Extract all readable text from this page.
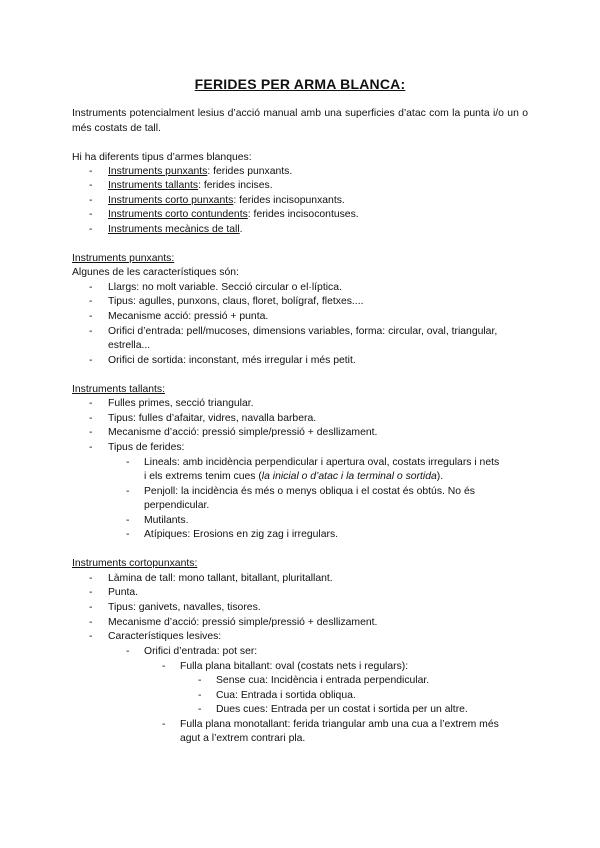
FERIDES PER ARMA BLANCA:
Instruments potencialment lesius d’acció manual amb una superficies d’atac com la punta i/o un o més costats de tall.
Hi ha diferents tipus d’armes blanques:
- Instruments punxants: ferides punxants.
- Instruments tallants: ferides incises.
- Instruments corto punxants: ferides incisopunxants.
- Instruments corto contundents: ferides incisocontuses.
- Instruments mecànics de tall.
Instruments punxants:
Algunes de les característiques són:
- Llargs: no molt variable. Secció circular o el·líptica.
- Tipus: agulles, punxons, claus, floret, bolígraf, fletxes....
- Mecanisme acció: pressió + punta.
- Orifici d’entrada: pell/mucoses, dimensions variables, forma: circular, oval, triangular,
estrella...
- Orifici de sortida: inconstant, més irregular i més petit.
Instruments tallants:
- Fulles primes, secció triangular.
- Tipus: fulles d’afaitar, vidres, navalla barbera.
- Mecanisme d’acció: pressió simple/pressió + desllizament.
- Tipus de ferides:
- Lineals: amb incidència perpendicular i apertura oval, costats irregulars i nets
i els extrems tenim cues (la inicial o d’atac i la terminal o sortida).
- Penjoll: la incidència és més o menys obliqua i el costat és obtús. No és
perpendicular.
- Mutilants.
- Atípiques: Erosions en zig zag i irregulars.
Instruments cortopunxants:
- Làmina de tall: mono tallant, bitallant, pluritallant.
- Punta.
- Tipus: ganivets, navalles, tisores.
- Mecanisme d’acció: pressió simple/pressió + desllizament.
- Característiques lesives:
- Orifici d’entrada: pot ser:
- Fulla plana bitallant: oval (costats nets i regulars):
- Sense cua: Incidència i entrada perpendicular.
- Cua: Entrada i sortida obliqua.
- Dues cues: Entrada per un costat i sortida per un altre.
- Fulla plana monotallant: ferida triangular amb una cua a l’extrem més
agut a l’extrem contrari pla.
